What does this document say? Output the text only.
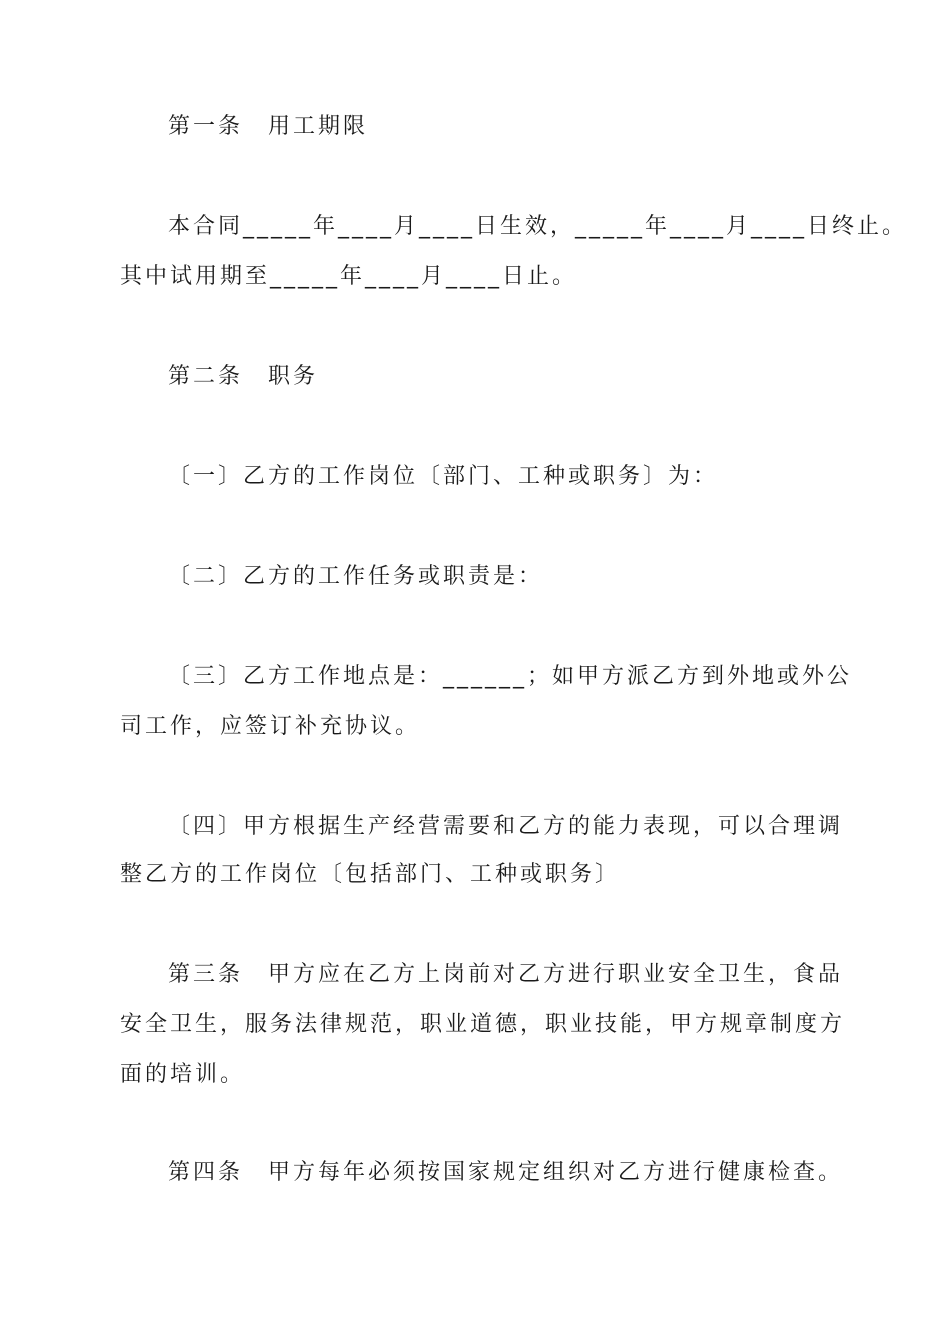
第一条　用工期限
本合同_____年____月____日生效，_____年____月____日终止。
其中试用期至_____年____月____日止。
第二条　职务
〔一〕乙方的工作岗位〔部门、工种或职务〕为：
〔二〕乙方的工作任务或职责是：
〔三〕乙方工作地点是：______；如甲方派乙方到外地或外公
司工作，应签订补充协议。
〔四〕甲方根据生产经营需要和乙方的能力表现，可以合理调
整乙方的工作岗位〔包括部门、工种或职务〕
第三条　甲方应在乙方上岗前对乙方进行职业安全卫生，食品
安全卫生，服务法律规范，职业道德，职业技能，甲方规章制度方
面的培训。
第四条　甲方每年必须按国家规定组织对乙方进行健康检查。
